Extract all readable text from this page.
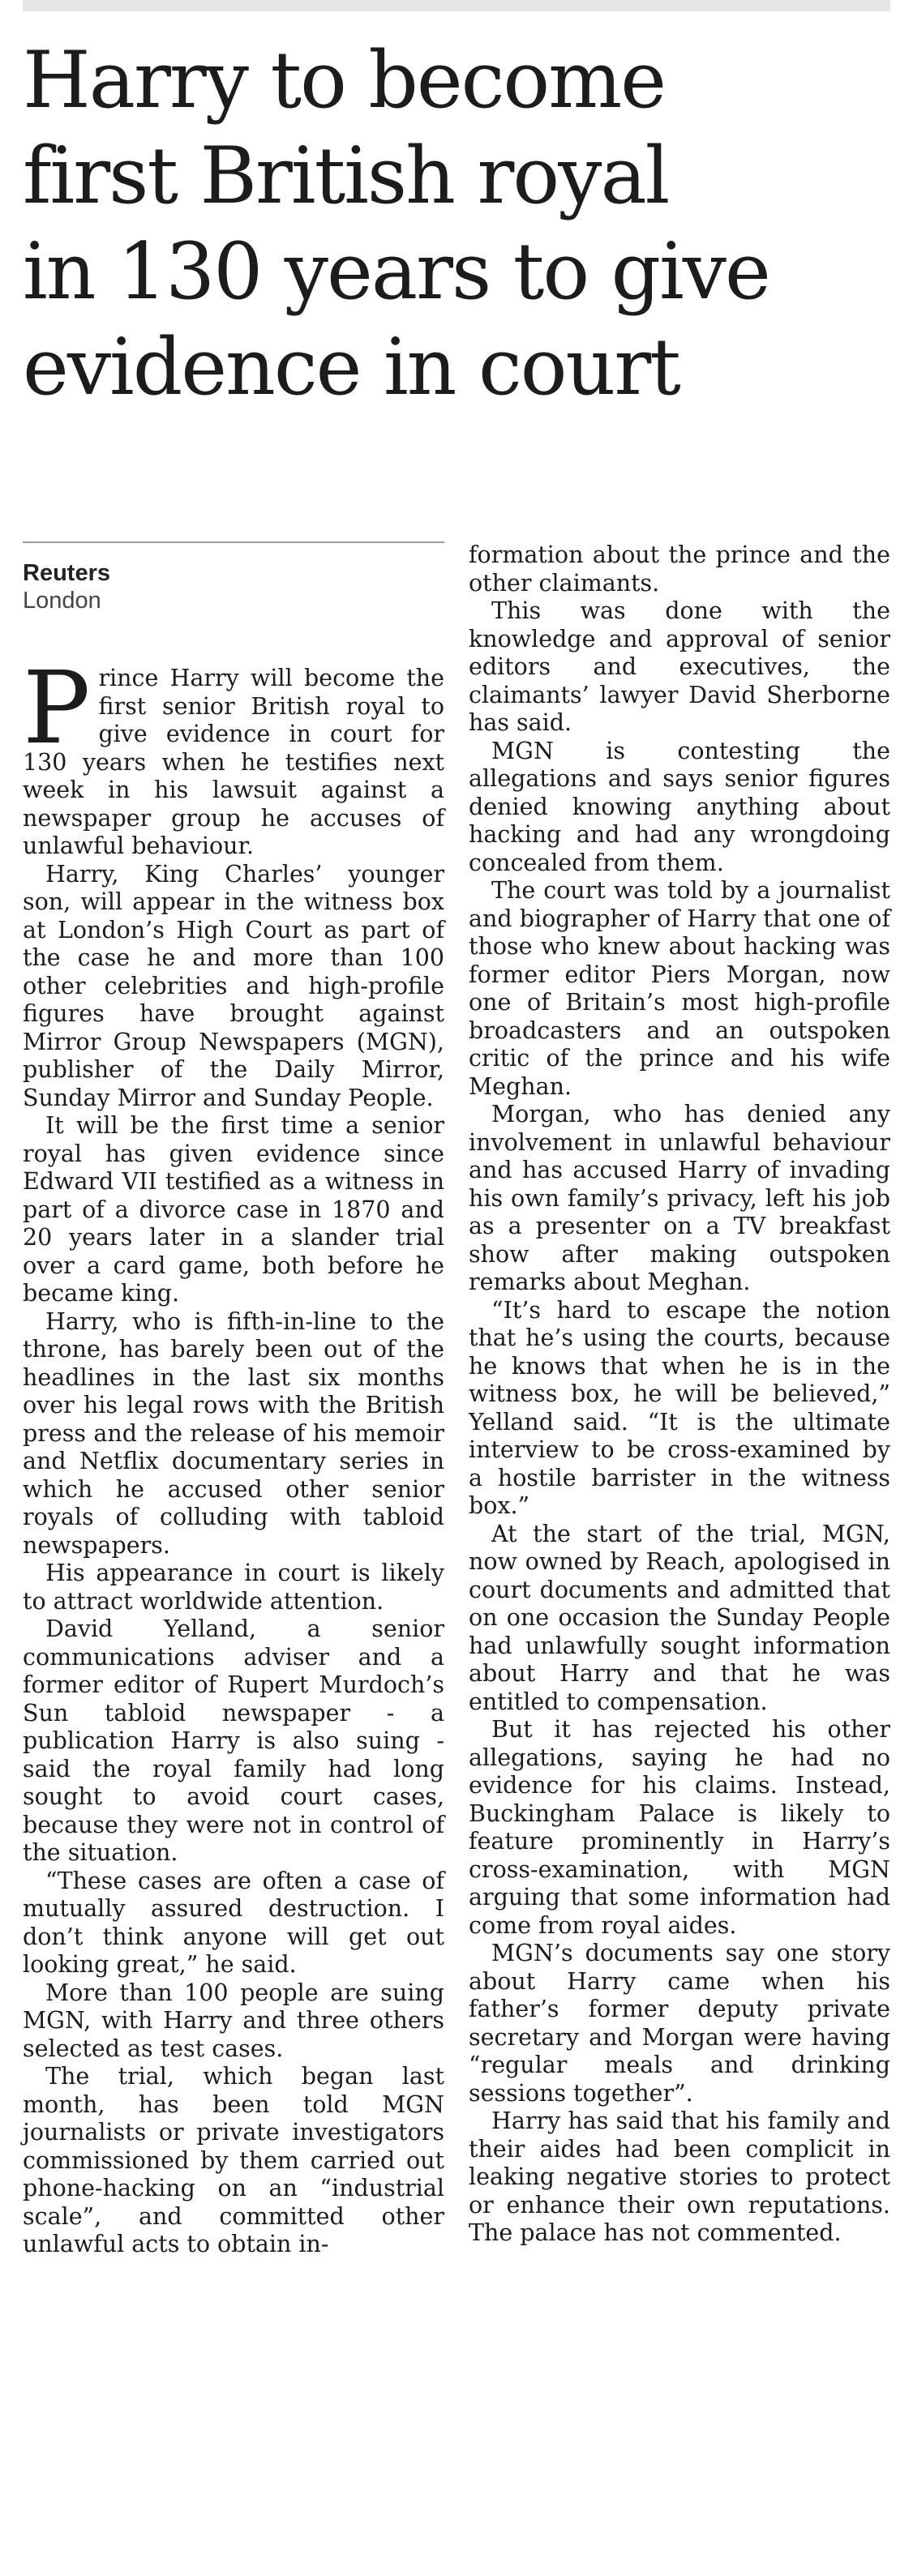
Harry to become
first British royal
in 130 years to give
evidence in court
Reuters
London

Prince Harry will become the first senior British royal to give evidence in court for 130 years when he testifies next week in his lawsuit against a newspaper group he accuses of unlawful behaviour.

Harry, King Charles’ younger son, will appear in the witness box at London’s High Court as part of the case he and more than 100 other celebrities and high-profile figures have brought against Mirror Group Newspapers (MGN), publisher of the Daily Mirror, Sunday Mirror and Sunday People.

It will be the first time a senior royal has given evidence since Edward VII testified as a witness in part of a divorce case in 1870 and 20 years later in a slander trial over a card game, both before he became king.

Harry, who is fifth-in-line to the throne, has barely been out of the headlines in the last six months over his legal rows with the British press and the release of his memoir and Netflix documentary series in which he accused other senior royals of colluding with tabloid newspapers.

His appearance in court is likely to attract worldwide attention.

David Yelland, a senior communications adviser and a former editor of Rupert Murdoch’s Sun tabloid newspaper - a publication Harry is also suing - said the royal family had long sought to avoid court cases, because they were not in control of the situation.

“These cases are often a case of mutually assured destruction. I don’t think anyone will get out looking great,” he said.

More than 100 people are suing MGN, with Harry and three others selected as test cases.

The trial, which began last month, has been told MGN journalists or private investigators commissioned by them carried out phone-hacking on an “industrial scale”, and committed other unlawful acts to obtain in-

formation about the prince and the other claimants.

This was done with the knowledge and approval of senior editors and executives, the claimants’ lawyer David Sherborne has said.

MGN is contesting the allegations and says senior figures denied knowing anything about hacking and had any wrongdoing concealed from them.

The court was told by a journalist and biographer of Harry that one of those who knew about hacking was former editor Piers Morgan, now one of Britain’s most high-profile broadcasters and an outspoken critic of the prince and his wife Meghan.

Morgan, who has denied any involvement in unlawful behaviour and has accused Harry of invading his own family’s privacy, left his job as a presenter on a TV breakfast show after making outspoken remarks about Meghan.

“It’s hard to escape the notion that he’s using the courts, because he knows that when he is in the witness box, he will be believed,” Yelland said. “It is the ultimate interview to be cross-examined by a hostile barrister in the witness box.”

At the start of the trial, MGN, now owned by Reach, apologised in court documents and admitted that on one occasion the Sunday People had unlawfully sought information about Harry and that he was entitled to compensation.

But it has rejected his other allegations, saying he had no evidence for his claims. Instead, Buckingham Palace is likely to feature prominently in Harry’s cross-examination, with MGN arguing that some information had come from royal aides.

MGN’s documents say one story about Harry came when his father’s former deputy private secretary and Morgan were having “regular meals and drinking sessions together”.

Harry has said that his family and their aides had been complicit in leaking negative stories to protect or enhance their own reputations. The palace has not commented.
